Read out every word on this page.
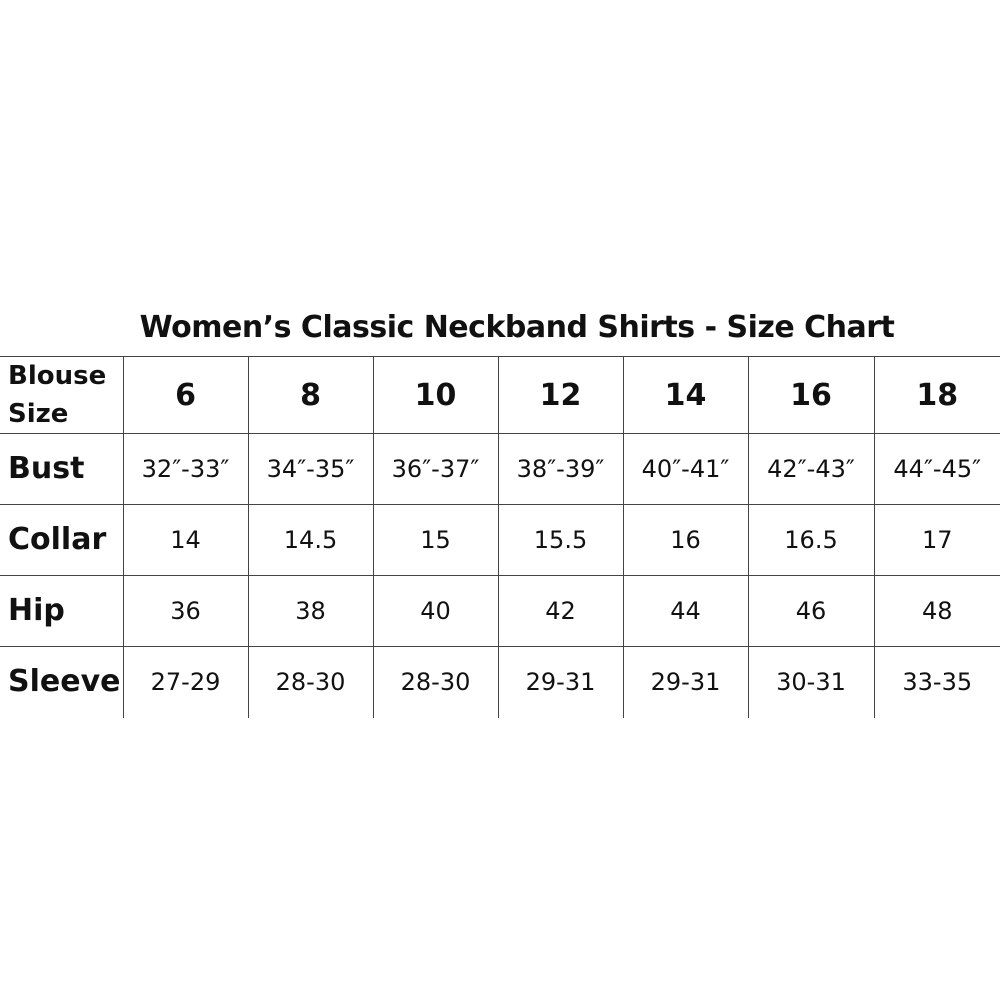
Women’s Classic Neckband Shirts - Size Chart
Blouse Size	6	8	10	12	14	16	18
Bust	32″-33″	34″-35″	36″-37″	38″-39″	40″-41″	42″-43″	44″-45″
Collar	14	14.5	15	15.5	16	16.5	17
Hip	36	38	40	42	44	46	48
Sleeve	27-29	28-30	28-30	29-31	29-31	30-31	33-35
